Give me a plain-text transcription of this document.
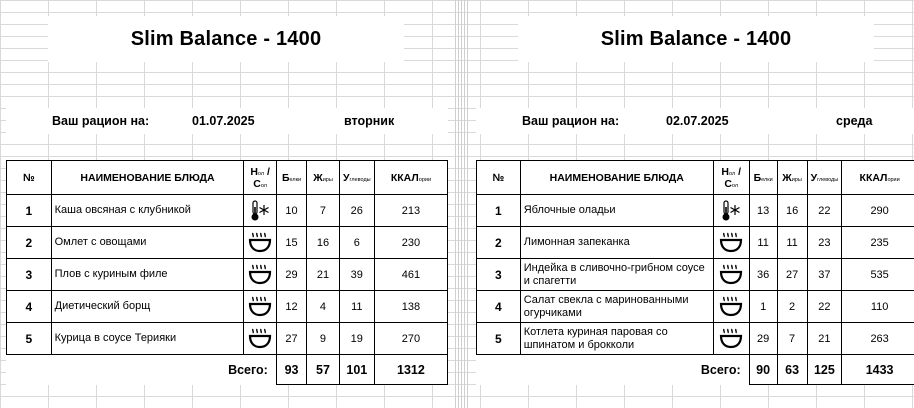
Slim Balance - 1400
Ваш рацион на:	01.07.2025	вторник
№	НАИМЕНОВАНИЕ БЛЮДА	Нол / Сол	Белки	Жиры	Углеводы	ККАЛории
1	Каша овсяная с клубникой		10	7	26	213
2	Омлет с овощами		15	16	6	230
3	Плов с куриным филе		29	21	39	461
4	Диетический борщ		12	4	11	138
5	Курица в соусе Терияки		27	9	19	270
	Всего:		93	57	101	1312
Slim Balance - 1400
Ваш рацион на:	02.07.2025	среда
№	НАИМЕНОВАНИЕ БЛЮДА	Нол / Сол	Белки	Жиры	Углеводы	ККАЛории
1	Яблочные оладьи		13	16	22	290
2	Лимонная запеканка		11	11	23	235
3	Индейка в сливочно-грибном соусе и спагетти		36	27	37	535
4	Салат свекла с маринованными огурчиками		1	2	22	110
5	Котлета куриная паровая со шпинатом и брокколи		29	7	21	263
	Всего:		90	63	125	1433
